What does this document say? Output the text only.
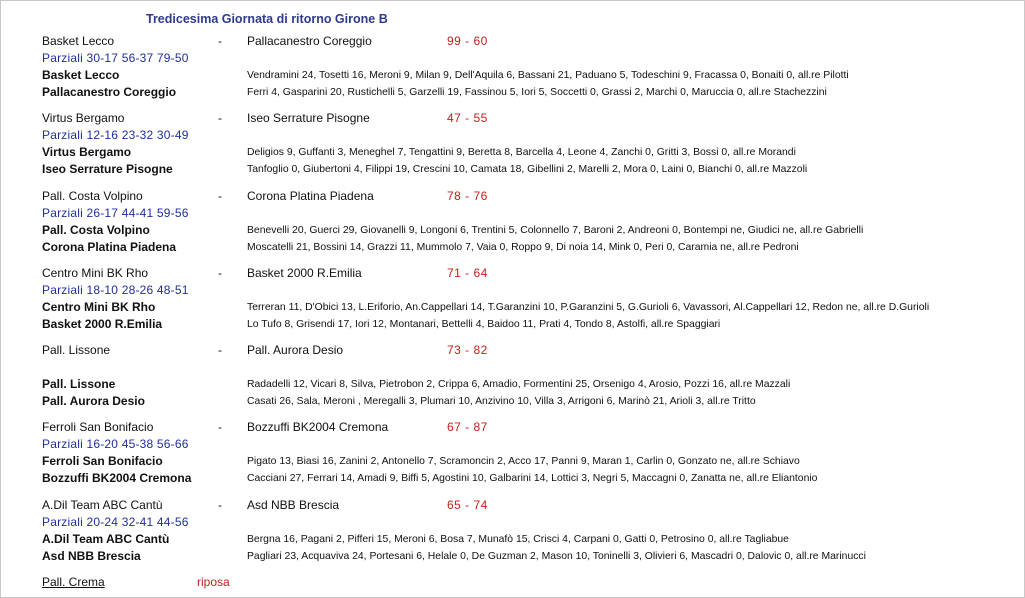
Tredicesima Giornata di ritorno Girone B
Basket Lecco	- Pallacanestro Coreggio	99 - 60
Parziali 30-17 56-37 79-50
Basket Lecco	Vendramini 24, Tosetti 16, Meroni 9, Milan 9, Dell'Aquila 6, Bassani 21, Paduano 5, Todeschini 9, Fracassa 0, Bonaiti 0, all.re Pilotti
Pallacanestro Coreggio	Ferri 4, Gasparini 20, Rustichelli 5, Garzelli 19, Fassinou 5, Iori 5, Soccetti 0, Grassi 2, Marchi 0, Maruccia 0, all.re Stachezzini
Virtus Bergamo	- Iseo Serrature Pisogne	47 - 55
Parziali 12-16 23-32 30-49
Virtus Bergamo	Deligios 9, Guffanti 3, Meneghel 7, Tengattini 9, Beretta 8, Barcella 4, Leone 4, Zanchi 0, Gritti 3, Bossi 0, all.re Morandi
Iseo Serrature Pisogne	Tanfoglio 0, Giubertoni 4, Filippi 19, Crescini 10, Camata 18, Gibellini 2, Marelli 2, Mora 0, Laini 0, Bianchi 0, all.re Mazzoli
Pall. Costa Volpino	- Corona Platina Piadena	78 - 76
Parziali 26-17 44-41 59-56
Pall. Costa Volpino	Benevelli 20, Guerci 29, Giovanelli 9, Longoni 6, Trentini 5, Colonnello 7, Baroni 2, Andreoni 0, Bontempi ne, Giudici ne, all.re Gabrielli
Corona Platina Piadena	Moscatelli 21, Bossini 14, Grazzi 11, Mummolo 7, Vaia 0, Roppo 9, Di noia 14, Mink 0, Peri 0, Caramia ne, all.re Pedroni
Centro Mini BK Rho	- Basket 2000 R.Emilia	71 - 64
Parziali 18-10 28-26 48-51
Centro Mini BK Rho	Terreran 11, D'Obici 13, L.Eriforio, An.Cappellari 14, T.Garanzini 10, P.Garanzini 5, G.Gurioli 6, Vavassori, Al.Cappellari 12, Redon ne, all.re D.Gurioli
Basket 2000 R.Emilia	Lo Tufo 8, Grisendi 17, Iori 12, Montanari, Bettelli 4, Baidoo 11, Prati 4, Tondo 8, Astolfi, all.re Spaggiari
Pall. Lissone	- Pall. Aurora Desio	73 - 82
Pall. Lissone	Radadelli 12, Vicari 8, Silva, Pietrobon 2, Crippa 6, Amadio, Formentini 25, Orsenigo 4, Arosio, Pozzi 16, all.re Mazzali
Pall. Aurora Desio	Casati 26, Sala, Meroni , Meregalli 3, Plumari 10, Anzivino 10, Villa 3, Arrigoni 6, Marinò 21, Arioli 3, all.re Tritto
Ferroli San Bonifacio	- Bozzuffi BK2004 Cremona	67 - 87
Parziali 16-20 45-38 56-66
Ferroli San Bonifacio	Pigato 13, Biasi 16, Zanini 2, Antonello 7, Scramoncin 2, Acco 17, Panni 9, Maran 1, Carlin 0, Gonzato ne, all.re Schiavo
Bozzuffi BK2004 Cremona	Cacciani 27, Ferrari 14, Amadi 9, Biffi 5, Agostini 10, Galbarini 14, Lottici 3, Negri 5, Maccagni 0, Zanatta ne, all.re Eliantonio
A.Dil Team ABC Cantù	- Asd NBB Brescia	65 - 74
Parziali 20-24 32-41 44-56
A.Dil Team ABC Cantù	Bergna 16, Pagani 2, Pifferi 15, Meroni 6, Bosa 7, Munafò 15, Crisci 4, Carpani 0, Gatti 0, Petrosino 0, all.re Tagliabue
Asd NBB Brescia	Pagliari 23, Acquaviva 24, Portesani 6, Helale 0, De Guzman 2, Mason 10, Toninelli 3, Olivieri 6, Mascadri 0, Dalovic 0, all.re Marinucci
Pall. Crema	riposa
